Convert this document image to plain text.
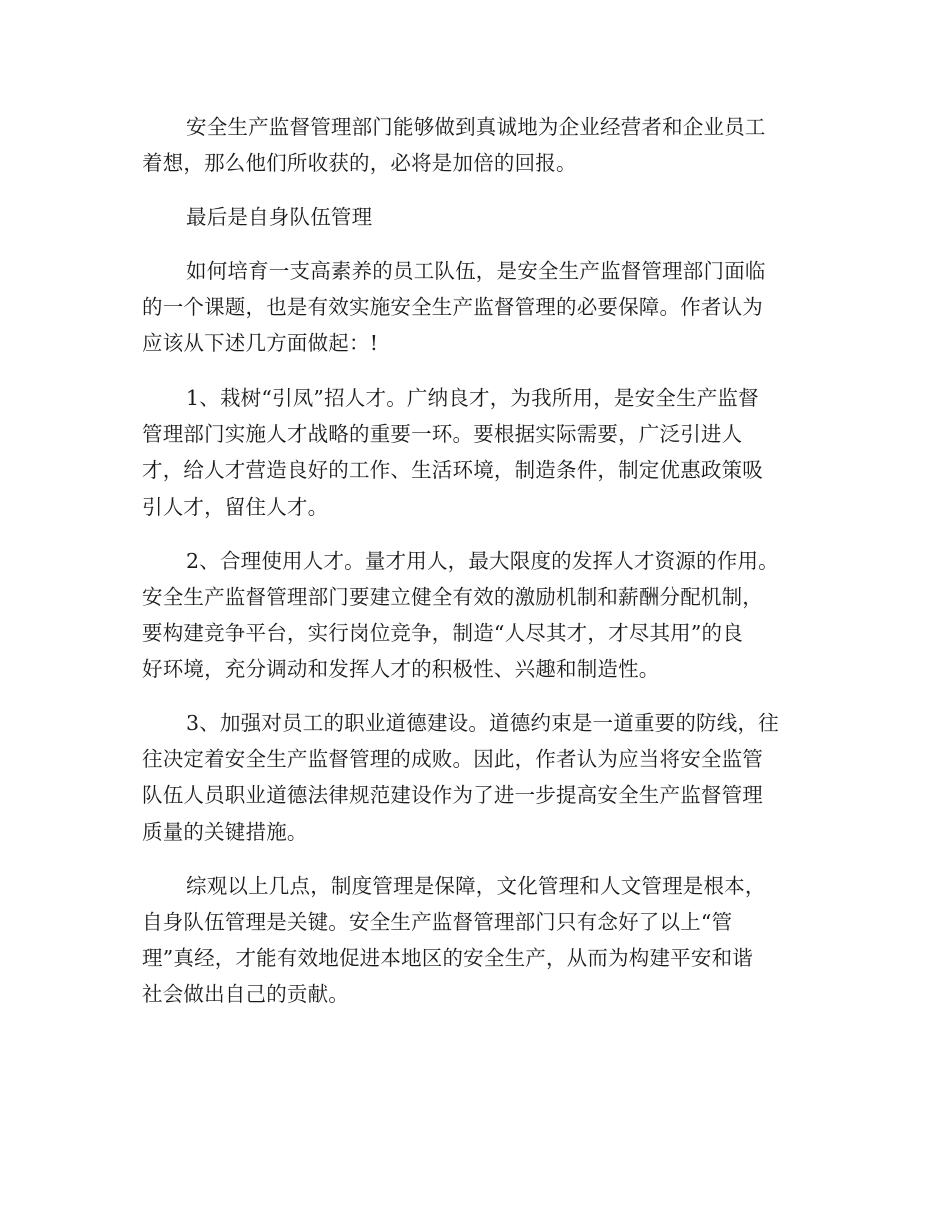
安全生产监督管理部门能够做到真诚地为企业经营者和企业员工
着想，那么他们所收获的，必将是加倍的回报。
最后是自身队伍管理
如何培育一支高素养的员工队伍，是安全生产监督管理部门面临
的一个课题，也是有效实施安全生产监督管理的必要保障。作者认为
应该从下述几方面做起：!
1、栽树“引凤”招人才。广纳良才，为我所用，是安全生产监督
管理部门实施人才战略的重要一环。要根据实际需要，广泛引进人
才，给人才营造良好的工作、生活环境，制造条件，制定优惠政策吸
引人才，留住人才。
2、合理使用人才。量才用人，最大限度的发挥人才资源的作用。
安全生产监督管理部门要建立健全有效的激励机制和薪酬分配机制，
要构建竞争平台，实行岗位竞争，制造“人尽其才，才尽其用”的良
好环境，充分调动和发挥人才的积极性、兴趣和制造性。
3、加强对员工的职业道德建设。道德约束是一道重要的防线，往
往决定着安全生产监督管理的成败。因此，作者认为应当将安全监管
队伍人员职业道德法律规范建设作为了进一步提高安全生产监督管理
质量的关键措施。
综观以上几点，制度管理是保障，文化管理和人文管理是根本，
自身队伍管理是关键。安全生产监督管理部门只有念好了以上“管
理”真经，才能有效地促进本地区的安全生产，从而为构建平安和谐
社会做出自己的贡献。
